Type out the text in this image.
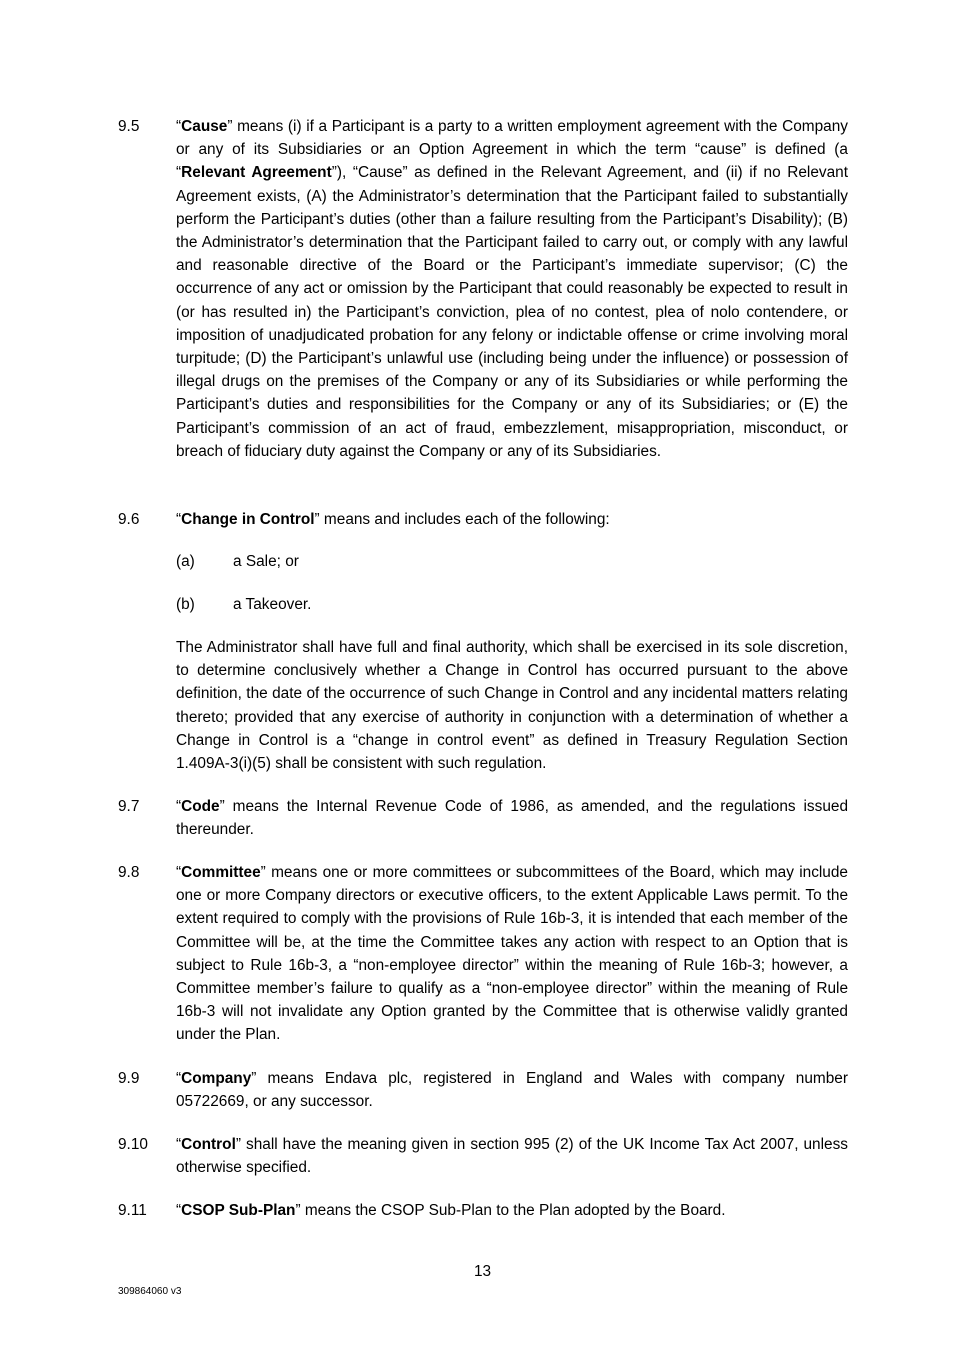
9.5 “Cause” means (i) if a Participant is a party to a written employment agreement with the Company or any of its Subsidiaries or an Option Agreement in which the term “cause” is defined (a “Relevant Agreement”), “Cause” as defined in the Relevant Agreement, and (ii) if no Relevant Agreement exists, (A) the Administrator’s determination that the Participant failed to substantially perform the Participant’s duties (other than a failure resulting from the Participant’s Disability); (B) the Administrator’s determination that the Participant failed to carry out, or comply with any lawful and reasonable directive of the Board or the Participant’s immediate supervisor; (C) the occurrence of any act or omission by the Participant that could reasonably be expected to result in (or has resulted in) the Participant’s conviction, plea of no contest, plea of nolo contendere, or imposition of unadjudicated probation for any felony or indictable offense or crime involving moral turpitude; (D) the Participant’s unlawful use (including being under the influence) or possession of illegal drugs on the premises of the Company or any of its Subsidiaries or while performing the Participant’s duties and responsibilities for the Company or any of its Subsidiaries; or (E) the Participant’s commission of an act of fraud, embezzlement, misappropriation, misconduct, or breach of fiduciary duty against the Company or any of its Subsidiaries.
9.6 “Change in Control” means and includes each of the following:
(a) a Sale; or
(b) a Takeover.
The Administrator shall have full and final authority, which shall be exercised in its sole discretion, to determine conclusively whether a Change in Control has occurred pursuant to the above definition, the date of the occurrence of such Change in Control and any incidental matters relating thereto; provided that any exercise of authority in conjunction with a determination of whether a Change in Control is a “change in control event” as defined in Treasury Regulation Section 1.409A-3(i)(5) shall be consistent with such regulation.
9.7 “Code” means the Internal Revenue Code of 1986, as amended, and the regulations issued thereunder.
9.8 “Committee” means one or more committees or subcommittees of the Board, which may include one or more Company directors or executive officers, to the extent Applicable Laws permit. To the extent required to comply with the provisions of Rule 16b-3, it is intended that each member of the Committee will be, at the time the Committee takes any action with respect to an Option that is subject to Rule 16b-3, a “non-employee director” within the meaning of Rule 16b-3; however, a Committee member’s failure to qualify as a “non-employee director” within the meaning of Rule 16b-3 will not invalidate any Option granted by the Committee that is otherwise validly granted under the Plan.
9.9 “Company” means Endava plc, registered in England and Wales with company number 05722669, or any successor.
9.10 “Control” shall have the meaning given in section 995 (2) of the UK Income Tax Act 2007, unless otherwise specified.
9.11 “CSOP Sub-Plan” means the CSOP Sub-Plan to the Plan adopted by the Board.
13
309864060 v3
